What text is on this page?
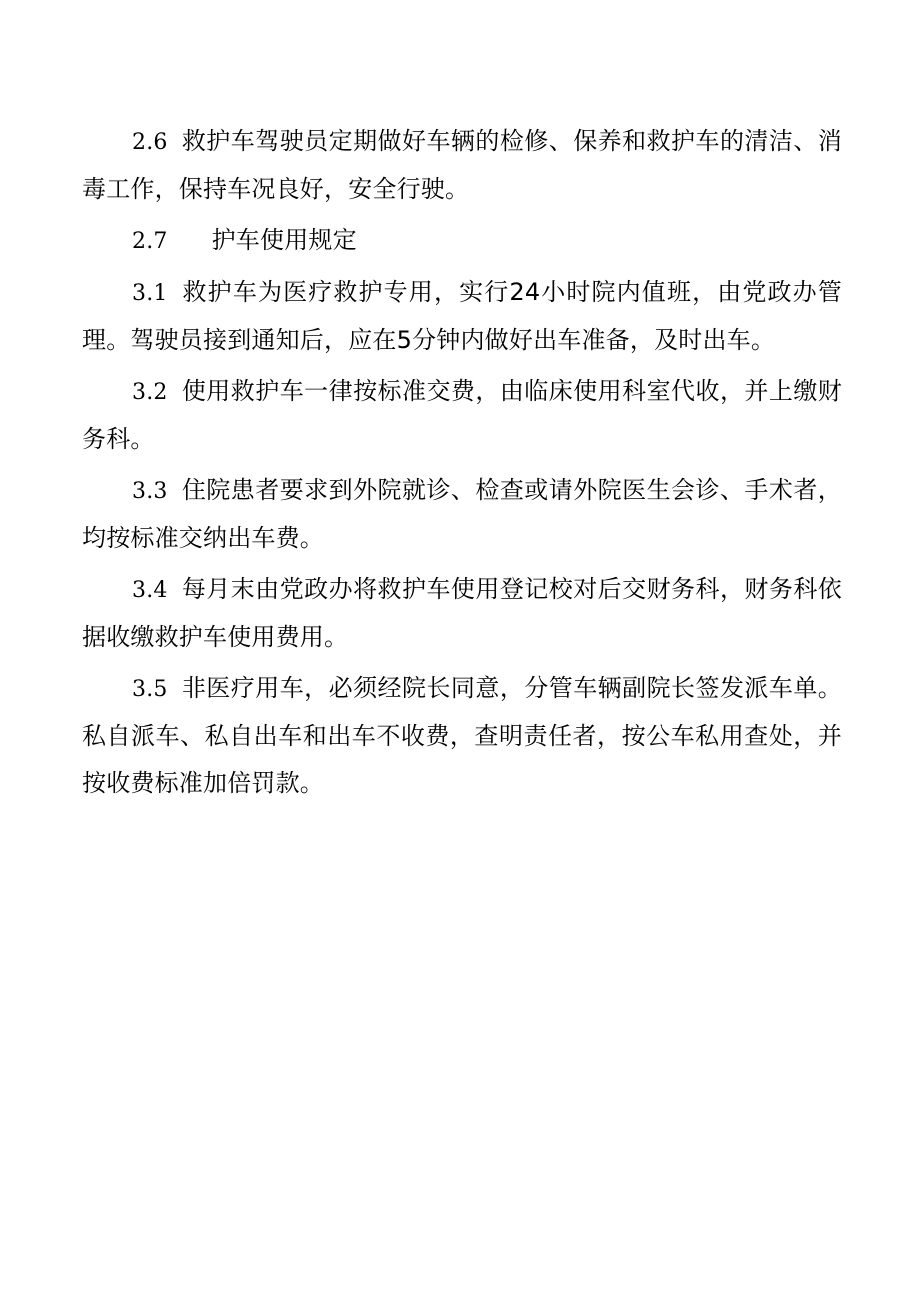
2.6 救护车驾驶员定期做好车辆的检修、保养和救护车的清洁、消毒工作，保持车况良好，安全行驶。

2.7 护车使用规定

3.1 救护车为医疗救护专用，实行24小时院内值班，由党政办管理。驾驶员接到通知后，应在5分钟内做好出车准备，及时出车。

3.2 使用救护车一律按标准交费，由临床使用科室代收，并上缴财务科。

3.3 住院患者要求到外院就诊、检查或请外院医生会诊、手术者，均按标准交纳出车费。

3.4 每月末由党政办将救护车使用登记校对后交财务科，财务科依据收缴救护车使用费用。

3.5 非医疗用车，必须经院长同意，分管车辆副院长签发派车单。私自派车、私自出车和出车不收费，查明责任者，按公车私用查处，并按收费标准加倍罚款。
